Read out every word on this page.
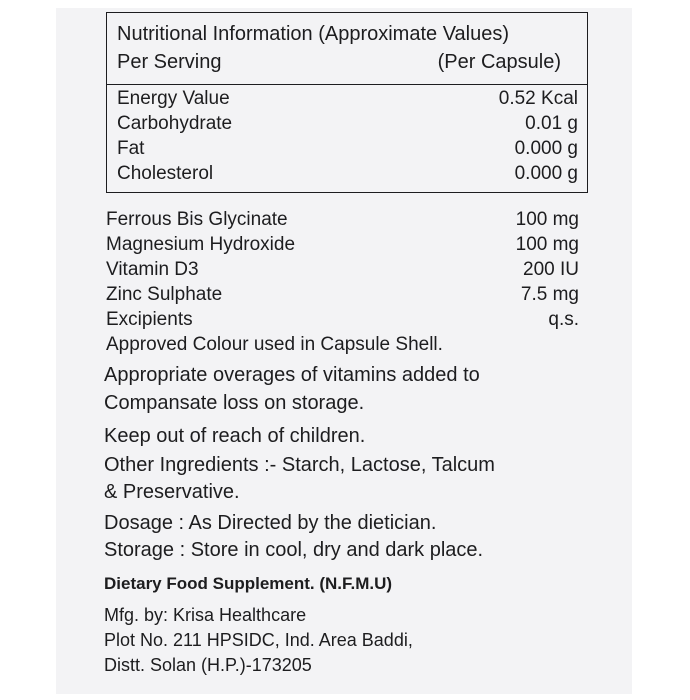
Nutritional Information (Approximate Values)
Per Serving	(Per Capsule)
Energy Value	0.52 Kcal
Carbohydrate	0.01 g
Fat	0.000 g
Cholesterol	0.000 g
Ferrous Bis Glycinate	100 mg
Magnesium Hydroxide	100 mg
Vitamin D3	200 IU
Zinc Sulphate	7.5 mg
Excipients	q.s.
Approved Colour used in Capsule Shell.
Appropriate overages of vitamins added to
Compansate loss on storage.
Keep out of reach of children.
Other Ingredients :- Starch, Lactose, Talcum
& Preservative.
Dosage : As Directed by the dietician.
Storage : Store in cool, dry and dark place.
Dietary Food Supplement. (N.F.M.U)
Mfg. by: Krisa Healthcare
Plot No. 211 HPSIDC, Ind. Area Baddi,
Distt. Solan (H.P.)-173205
